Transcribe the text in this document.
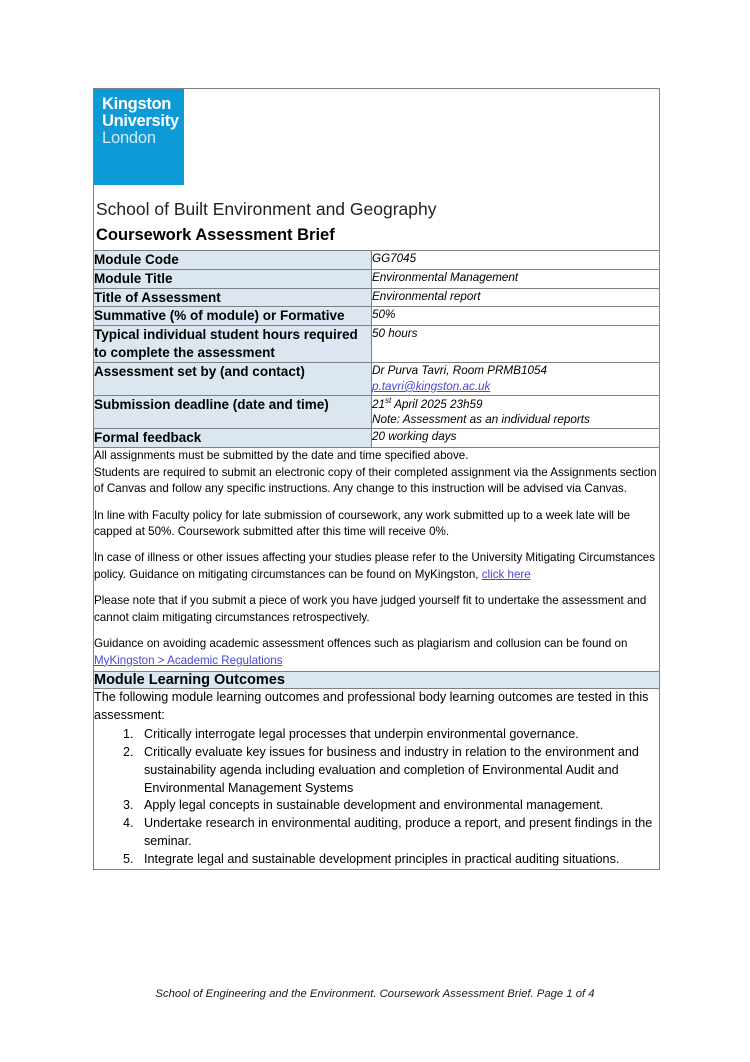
Kingston
University
London
School of Built Environment and Geography
Coursework Assessment Brief	

Module Code	GG7045
Module Title	Environmental Management
Title of Assessment	Environmental report
Summative (% of module) or Formative	50%
Typical individual student hours required to complete the assessment	50 hours
Assessment set by (and contact)	Dr Purva Tavri, Room PRMB1054
p.tavri@kingston.ac.uk
Submission deadline (date and time)	21st April 2025 23h59
Note: Assessment as an individual reports
Formal feedback	20 working days

All assignments must be submitted by the date and time specified above.

Students are required to submit an electronic copy of their completed assignment via the Assignments section of Canvas and follow any specific instructions. Any change to this instruction will be advised via Canvas.

In line with Faculty policy for late submission of coursework, any work submitted up to a week late will be capped at 50%. Coursework submitted after this time will receive 0%.

In case of illness or other issues affecting your studies please refer to the University Mitigating Circumstances policy. Guidance on mitigating circumstances can be found on MyKingston, click here

Please note that if you submit a piece of work you have judged yourself fit to undertake the assessment and cannot claim mitigating circumstances retrospectively.

Guidance on avoiding academic assessment offences such as plagiarism and collusion can be found on MyKingston > Academic Regulations

Module Learning Outcomes	

The following module learning outcomes and professional body learning outcomes are tested in this assessment:

1. Critically interrogate legal processes that underpin environmental governance.
2. Critically evaluate key issues for business and industry in relation to the environment and sustainability agenda including evaluation and completion of Environmental Audit and Environmental Management Systems
3. Apply legal concepts in sustainable development and environmental management.
4. Undertake research in environmental auditing, produce a report, and present findings in the seminar.
5. Integrate legal and sustainable development principles in practical auditing situations.
School of Engineering and the Environment. Coursework Assessment Brief. Page 1 of 4
